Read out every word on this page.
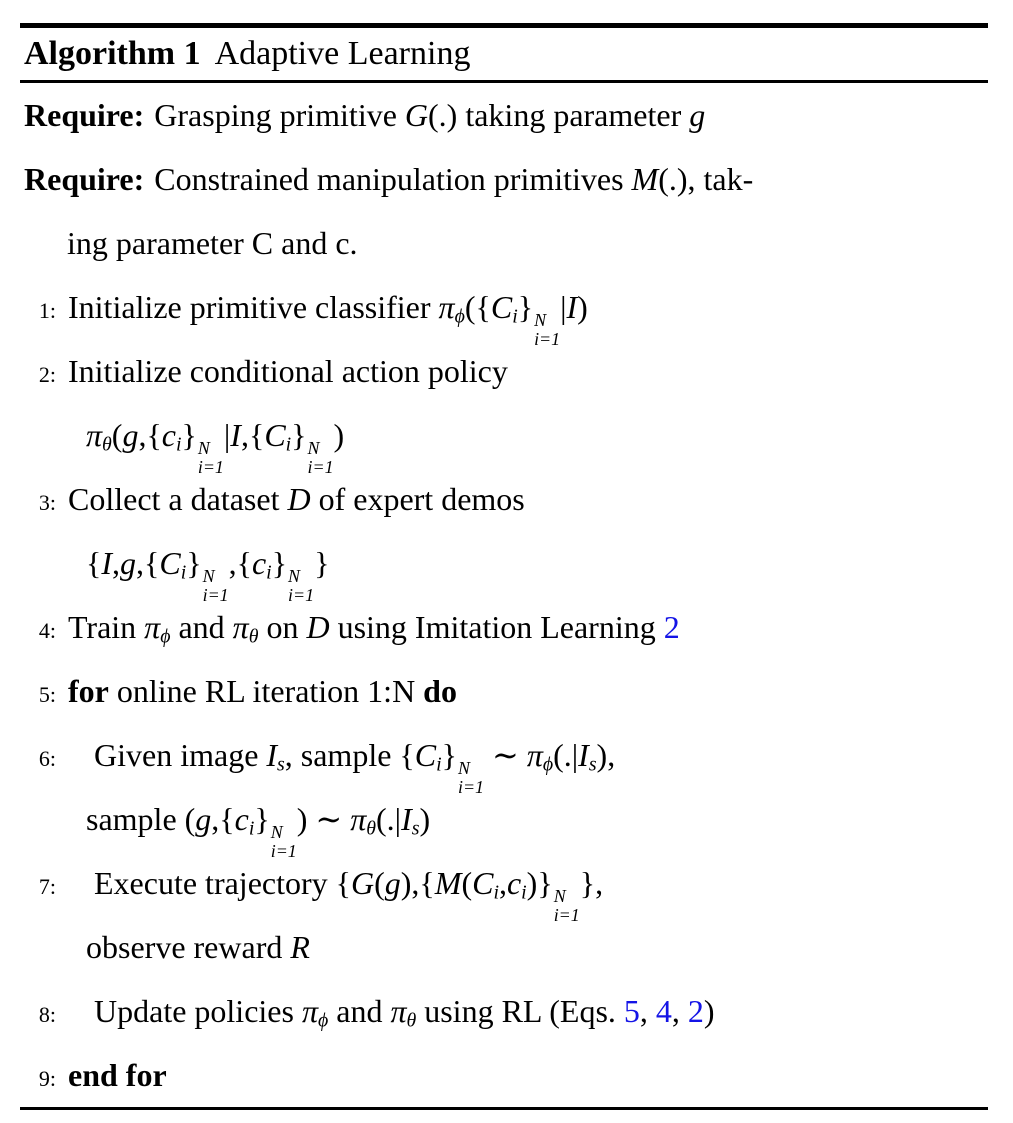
Algorithm 1 Adaptive Learning
Require: Grasping primitive G(.) taking parameter g
Require: Constrained manipulation primitives M(.), tak-
ing parameter C and c.
1: Initialize primitive classifier $\pi_\phi(\{C_i\}$ N
i=1
|I)
2: Initialize conditional action policy
$\pi_\theta(g,\{c_i\}$ N
i=1
$|I,\{C_i\}$ N
i=1
)
3: Collect a dataset D of expert demos
{$I,g,\{C_i\}$ N
i=1
$,\{c_i\}$ N
i=1
}
4: Train $\pi_\phi$ and $\pi_\theta$ on D using Imitation Learning 2
5: for online RL iteration 1:N do
6: Given image $I_s$, sample $\{C_i\}$ N
i=1
∼ $\pi_\phi(.|I_s)$,
sample ($g,\{c_i\}$ N
i=1
) ∼ $\pi_\theta(.|I_s)$
7: Execute trajectory {$G(g),\{M(C_i,c_i)\}$ N
i=1
},
observe reward R
8: Update policies $\pi_\phi$ and $\pi_\theta$ using RL (Eqs. 5, 4, 2)
9: end for
